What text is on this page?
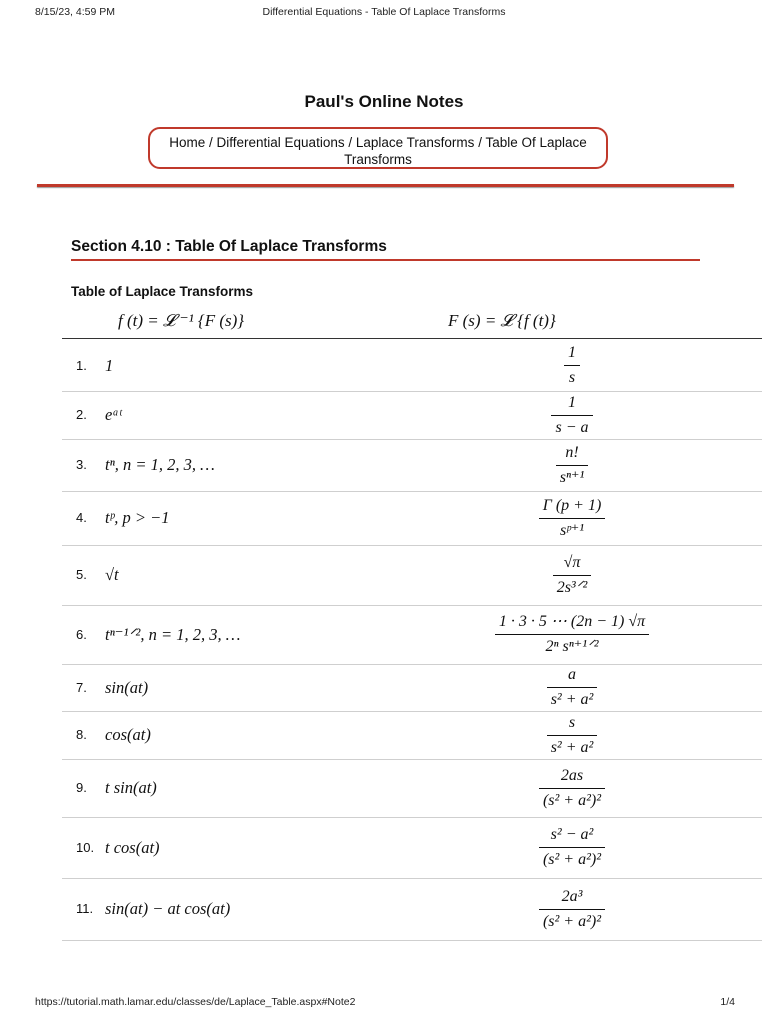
8/15/23, 4:59 PM	Differential Equations - Table Of Laplace Transforms
Paul's Online Notes
Home / Differential Equations / Laplace Transforms / Table Of Laplace Transforms
Section 4.10 : Table Of Laplace Transforms
Table of Laplace Transforms
f (t) = 𝓛 ⁻¹ {F (s)}	F (s) = 𝓛 {f (t)}
1. 1	$\frac{1}{s}$
2. eᵃᵗ	$\frac{1}{s - a}$
3. tⁿ, n = 1, 2, 3, …	$\frac{n!}{\text{sⁿ⁺¹}}$
4. tᵖ, p > −1	$\frac{\Gamma (p + 1)}{\text{sᵖ⁺¹}}$
5. √t	$\frac{√\pi}{\text{2s³ᐟ²}}$
6. tⁿ⁻¹ᐟ², n = 1, 2, 3, …	$\frac{1 \cdot 3 \cdot 5 \cdots (2n - 1) √\pi}{\text{2ⁿ sⁿ⁺¹ᐟ²}}$
7. sin(at)	$\frac{a}{\text{s² + a²}}$
8. cos(at)	$\frac{s}{\text{s² + a²}}$
9. t sin(at)	$\frac{2as}{\text{(s² + a²)²}}$
10. t cos(at)	$\frac{\text{s² − a²}}{\text{(s² + a²)²}}$
11. sin(at) − at cos(at)	$\frac{\text{2a³}}{\text{(s² + a²)²}}$
https://tutorial.math.lamar.edu/classes/de/Laplace_Table.aspx#Note2	1/4
